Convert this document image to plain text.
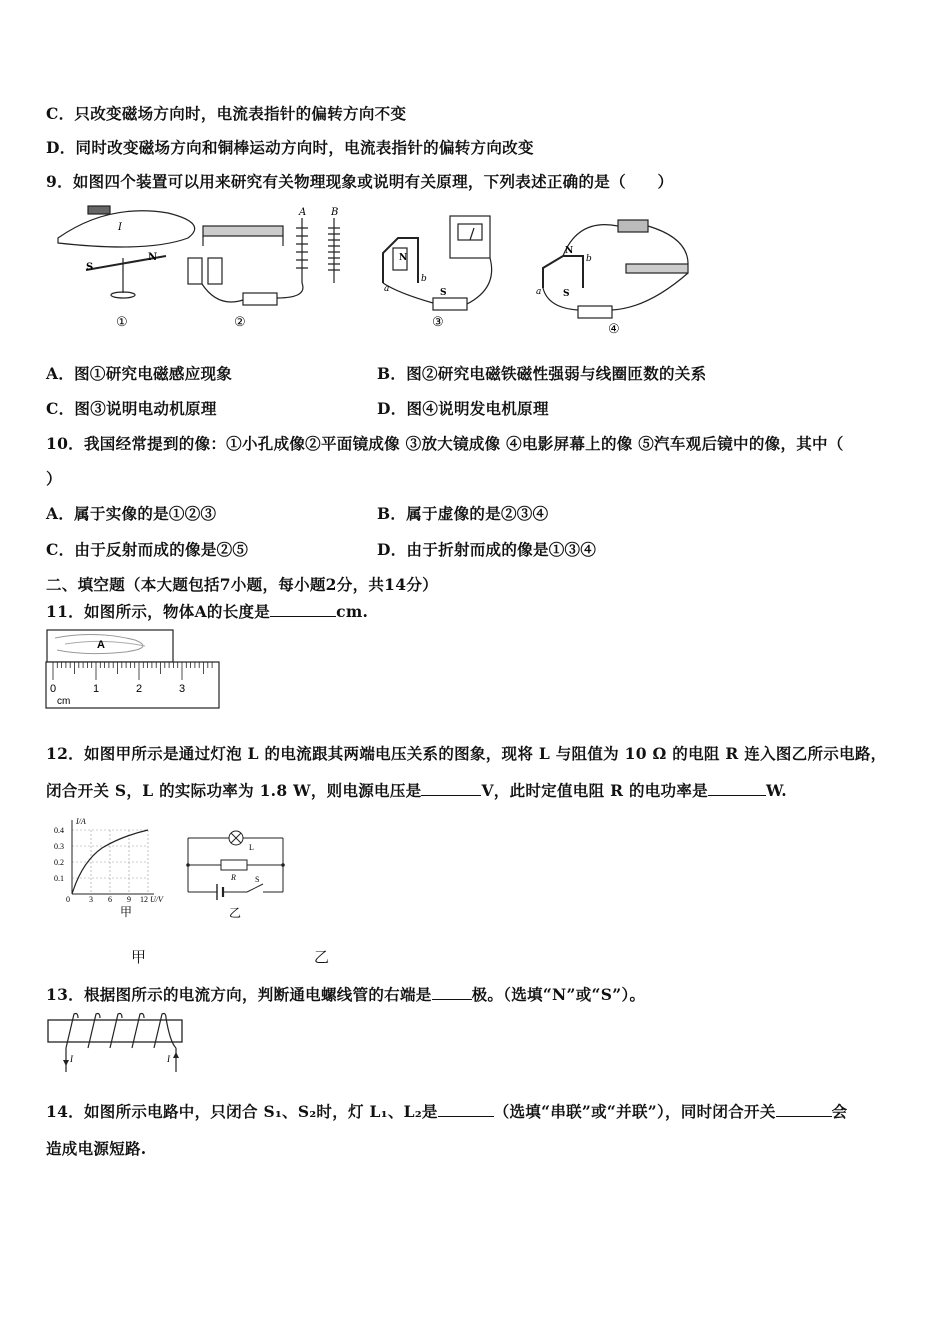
C．只改变磁场方向时，电流表指针的偏转方向不变
D．同时改变磁场方向和铜棒运动方向时，电流表指针的偏转方向改变
9．如图四个装置可以用来研究有关物理现象或说明有关原理，下列表述正确的是（　　）
S
N
I
①
A B
②
N
a
b
S
③
N
b
a S
④
A．图①研究电磁感应现象	B．图②研究电磁铁磁性强弱与线圈匝数的关系
C．图③说明电动机原理	D．图④说明发电机原理
10．我国经常提到的像：①小孔成像②平面镜成像 ③放大镜成像 ④电影屏幕上的像 ⑤汽车观后镜中的像，其中（
）
A．属于实像的是①②③	B．属于虚像的是②③④
C．由于反射而成的像是②⑤	D．由于折射而成的像是①③④
二、填空题（本大题包括7小题，每小题2分，共14分）
11．如图所示，物体A的长度是	cm.
A
0	1	2	3
cm
12．如图甲所示是通过灯泡 L 的电流跟其两端电压关系的图象，现将 L 与阻值为 10 Ω 的电阻 R 连入图乙所示电路，
闭合开关 S，L 的实际功率为 1.8 W，则电源电压是	V，此时定值电阻 R 的电功率是	W.
I/A
U/V
0.4
0.3
0.2
0.1
0 3 6 9 12
甲
L
R S
乙
甲	乙
13．根据图所示的电流方向，判断通电螺线管的右端是	极。（选填“N”或“S”）。
I	I
14．如图所示电路中，只闭合 S₁、S₂时，灯 L₁、L₂是	（选填“串联”或“并联”），同时闭合开关	会
造成电源短路.
